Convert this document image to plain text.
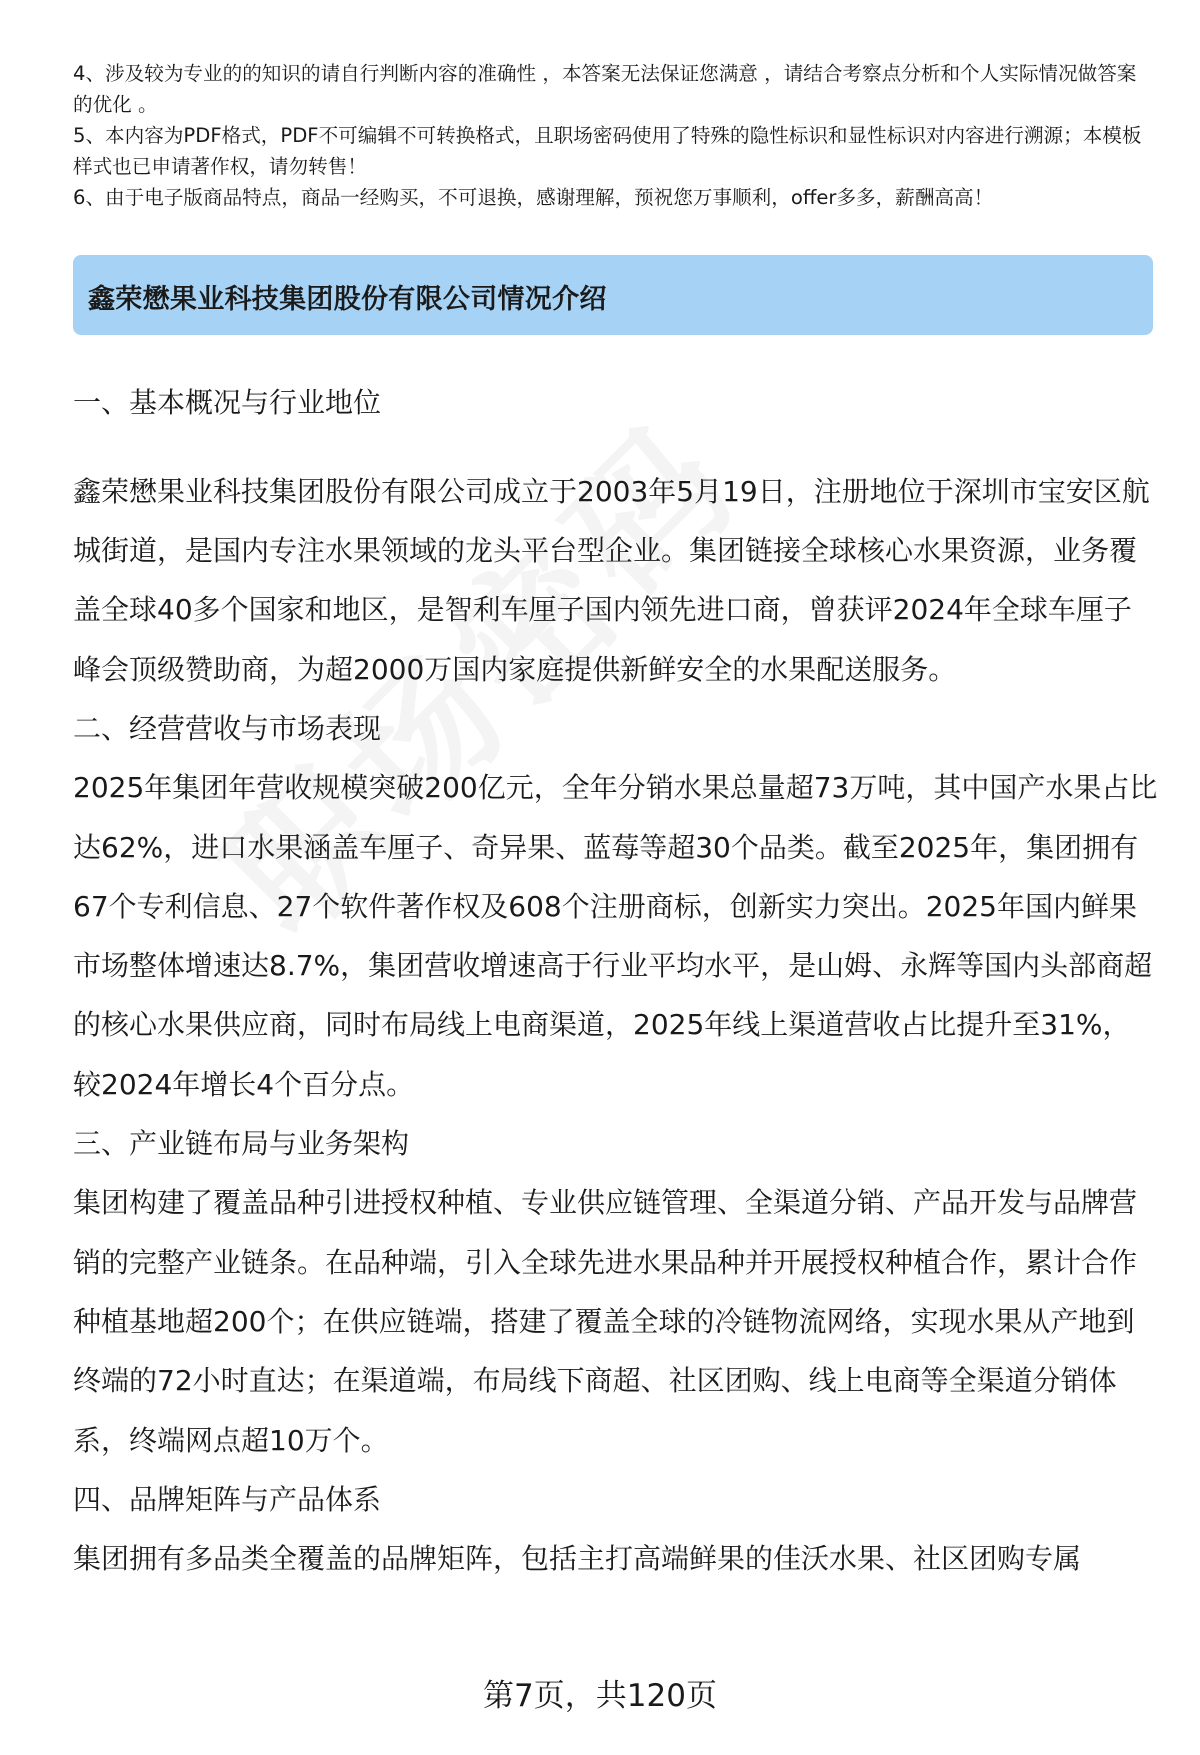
4、涉及较为专业的的知识的请自行判断内容的准确性 ，本答案无法保证您满意 ，请结合考察点分析和个人实际情况做答案的优化 。

5、本内容为PDF格式，PDF不可编辑不可转换格式，且职场密码使用了特殊的隐性标识和显性标识对内容进行溯源；本模板样式也已申请著作权，请勿转售！

6、由于电子版商品特点，商品一经购买，不可退换，感谢理解，预祝您万事顺利，offer多多，薪酬高高！

鑫荣懋果业科技集团股份有限公司情况介绍

一、基本概况与行业地位

鑫荣懋果业科技集团股份有限公司成立于2003年5月19日，注册地位于深圳市宝安区航城街道，是国内专注水果领域的龙头平台型企业。集团链接全球核心水果资源，业务覆盖全球40多个国家和地区，是智利车厘子国内领先进口商，曾获评2024年全球车厘子峰会顶级赞助商，为超2000万国内家庭提供新鲜安全的水果配送服务。

二、经营营收与市场表现

2025年集团年营收规模突破200亿元，全年分销水果总量超73万吨，其中国产水果占比达62%，进口水果涵盖车厘子、奇异果、蓝莓等超30个品类。截至2025年，集团拥有67个专利信息、27个软件著作权及608个注册商标，创新实力突出。2025年国内鲜果市场整体增速达8.7%，集团营收增速高于行业平均水平，是山姆、永辉等国内头部商超的核心水果供应商，同时布局线上电商渠道，2025年线上渠道营收占比提升至31%，较2024年增长4个百分点。

三、产业链布局与业务架构

集团构建了覆盖品种引进授权种植、专业供应链管理、全渠道分销、产品开发与品牌营销的完整产业链条。在品种端，引入全球先进水果品种并开展授权种植合作，累计合作种植基地超200个；在供应链端，搭建了覆盖全球的冷链物流网络，实现水果从产地到终端的72小时直达；在渠道端，布局线下商超、社区团购、线上电商等全渠道分销体系，终端网点超10万个。

四、品牌矩阵与产品体系

集团拥有多品类全覆盖的品牌矩阵，包括主打高端鲜果的佳沃水果、社区团购专属

第7页，共120页
